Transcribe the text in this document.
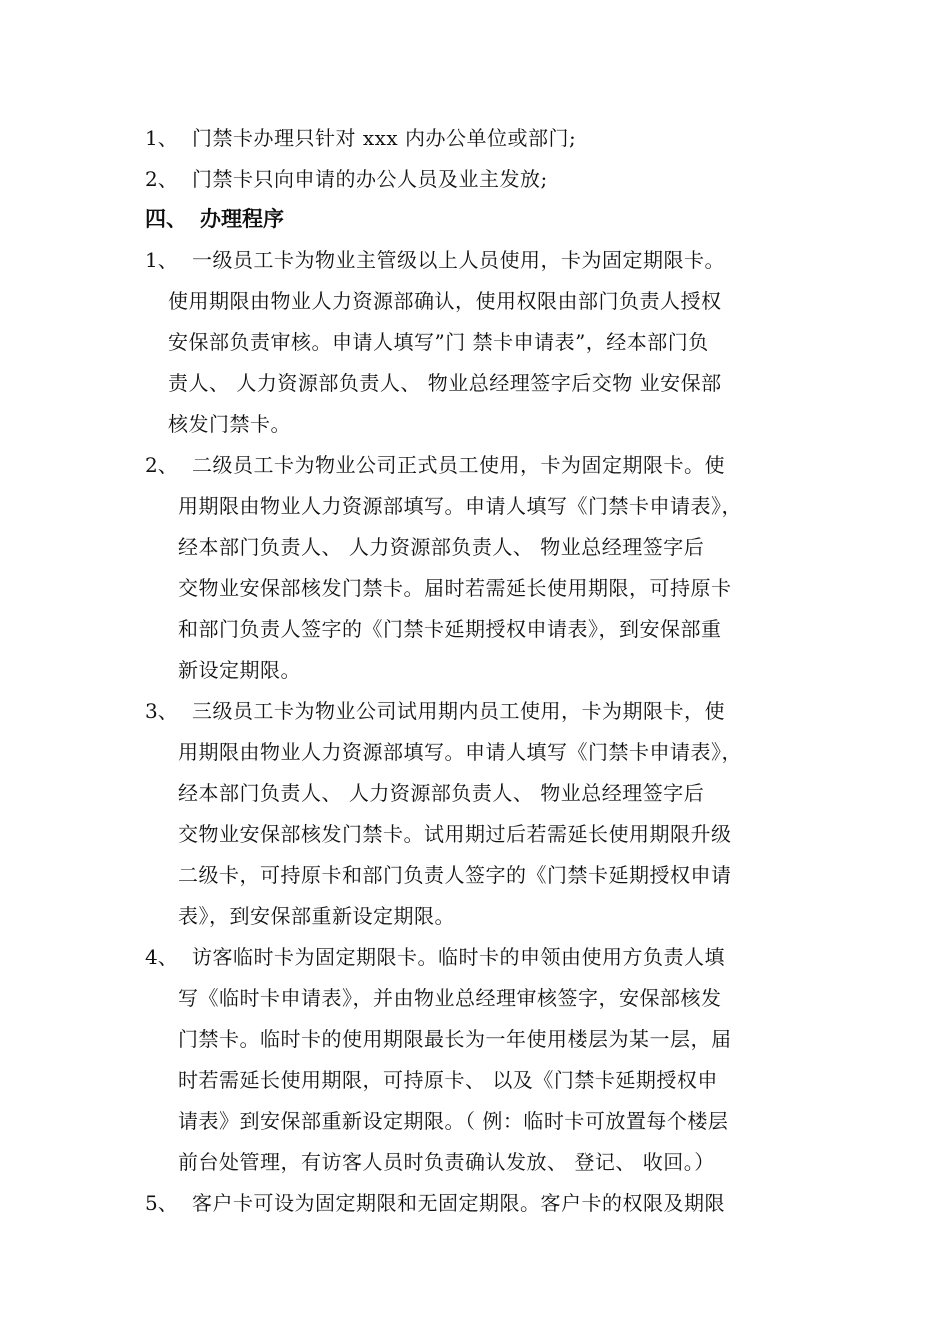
1、 门禁卡办理只针对 xxx 内办公单位或部门;
2、 门禁卡只向申请的办公人员及业主发放;
四、 办理程序
1、 一级员工卡为物业主管级以上人员使用，卡为固定期限卡。
使用期限由物业人力资源部确认，使用权限由部门负责人授权
安保部负责审核。申请人填写”门 禁卡申请表”，经本部门负
责人、 人力资源部负责人、 物业总经理签字后交物 业安保部
核发门禁卡。
2、 二级员工卡为物业公司正式员工使用，卡为固定期限卡。使
用期限由物业人力资源部填写。申请人填写《门禁卡申请表》，
经本部门负责人、 人力资源部负责人、 物业总经理签字后
交物业安保部核发门禁卡。届时若需延长使用期限，可持原卡
和部门负责人签字的《门禁卡延期授权申请表》，到安保部重
新设定期限。
3、 三级员工卡为物业公司试用期内员工使用，卡为期限卡，使
用期限由物业人力资源部填写。申请人填写《门禁卡申请表》，
经本部门负责人、 人力资源部负责人、 物业总经理签字后
交物业安保部核发门禁卡。试用期过后若需延长使用期限升级
二级卡，可持原卡和部门负责人签字的《门禁卡延期授权申请
表》，到安保部重新设定期限。
4、 访客临时卡为固定期限卡。临时卡的申领由使用方负责人填
写《临时卡申请表》，并由物业总经理审核签字，安保部核发
门禁卡。临时卡的使用期限最长为一年使用楼层为某一层，届
时若需延长使用期限，可持原卡、 以及《门禁卡延期授权申
请表》到安保部重新设定期限。（ 例：临时卡可放置每个楼层
前台处管理，有访客人员时负责确认发放、 登记、 收回。）
5、 客户卡可设为固定期限和无固定期限。客户卡的权限及期限
